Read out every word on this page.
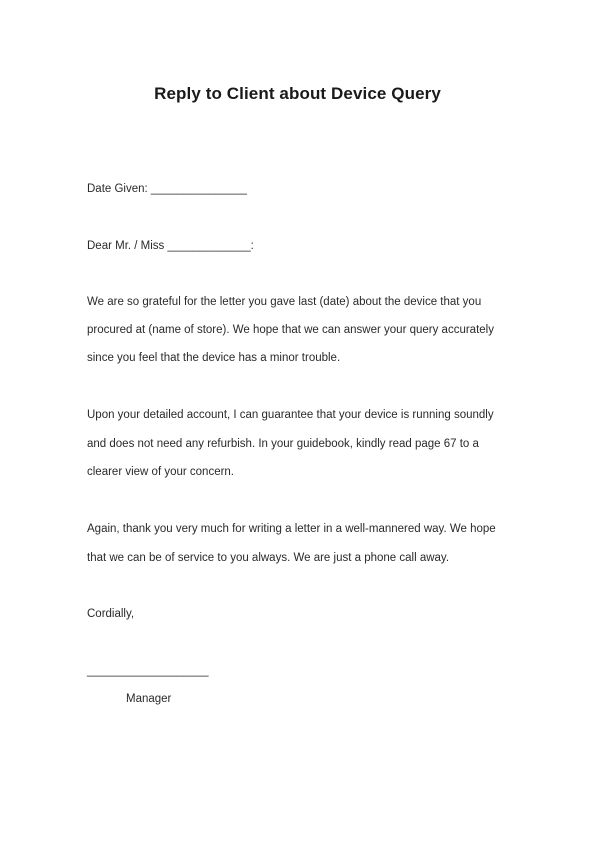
Reply to Client about Device Query
Date Given: _______________
Dear Mr. / Miss _____________:
We are so grateful for the letter you gave last (date) about the device that you
procured at (name of store). We hope that we can answer your query accurately
since you feel that the device has a minor trouble.
Upon your detailed account, I can guarantee that your device is running soundly
and does not need any refurbish. In your guidebook, kindly read page 67 to a
clearer view of your concern.
Again, thank you very much for writing a letter in a well-mannered way. We hope
that we can be of service to you always. We are just a phone call away.
Cordially,
___________________
Manager
